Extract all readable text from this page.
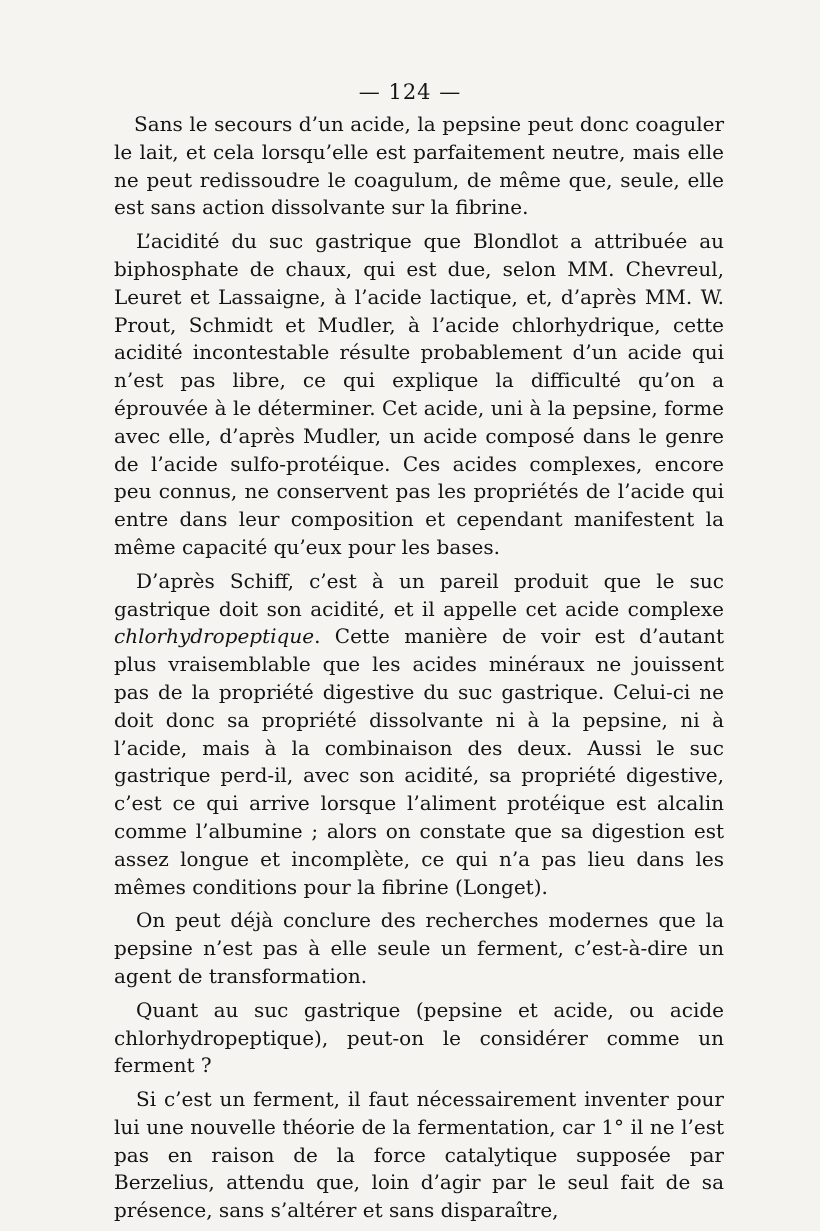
— 124 —

Sans le secours d’un acide, la pepsine peut donc coaguler le lait, et cela lorsqu’elle est parfaitement neutre, mais elle ne peut redissoudre le coagulum, de même que, seule, elle est sans action dissolvante sur la fibrine.

L’acidité du suc gastrique que Blondlot a attribuée au biphosphate de chaux, qui est due, selon MM. Chevreul, Leuret et Lassaigne, à l’acide lactique, et, d’après MM. W. Prout, Schmidt et Mudler, à l’acide chlorhydrique, cette acidité incontestable résulte probablement d’un acide qui n’est pas libre, ce qui explique la difficulté qu’on a éprouvée à le déterminer. Cet acide, uni à la pepsine, forme avec elle, d’après Mudler, un acide composé dans le genre de l’acide sulfo-protéique. Ces acides complexes, encore peu connus, ne conservent pas les propriétés de l’acide qui entre dans leur composition et cependant manifestent la même capacité qu’eux pour les bases.

D’après Schiff, c’est à un pareil produit que le suc gastrique doit son acidité, et il appelle cet acide complexe chlorhydropeptique. Cette manière de voir est d’autant plus vraisemblable que les acides minéraux ne jouissent pas de la propriété digestive du suc gastrique. Celui-ci ne doit donc sa propriété dissolvante ni à la pepsine, ni à l’acide, mais à la combinaison des deux. Aussi le suc gastrique perd-il, avec son acidité, sa propriété digestive, c’est ce qui arrive lorsque l’aliment protéique est alcalin comme l’albumine ; alors on constate que sa digestion est assez longue et incomplète, ce qui n’a pas lieu dans les mêmes conditions pour la fibrine (Longet).

On peut déjà conclure des recherches modernes que la pepsine n’est pas à elle seule un ferment, c’est-à-dire un agent de transformation.

Quant au suc gastrique (pepsine et acide, ou acide chlorhydropeptique), peut-on le considérer comme un ferment ?

Si c’est un ferment, il faut nécessairement inventer pour lui une nouvelle théorie de la fermentation, car 1° il ne l’est pas en raison de la force catalytique supposée par Berzelius, attendu que, loin d’agir par le seul fait de sa présence, sans s’altérer et sans disparaître,
